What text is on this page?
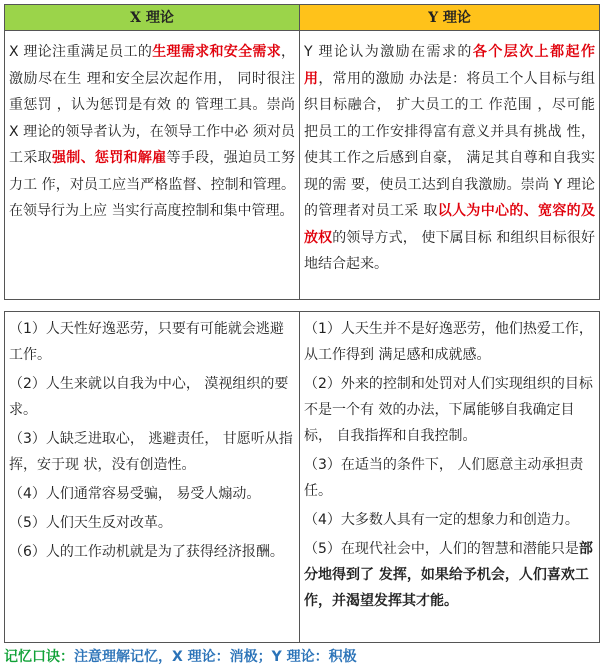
X 理论
X 理论注重满足员工的生理需求和安全需求，激励尽在生 理和安全层次起作用， 同时很注重惩罚 ，认为惩罚是有效 的 管理工具。崇尚 X 理论的领导者认为，在领导工作中必 须对员工采取强制、惩罚和解雇等手段，强迫员工努力工 作，对员工应当严格监督、控制和管理。在领导行为上应 当实行高度控制和集中管理。
Y 理论
Y 理论认为激励在需求的各个层次上都起作用，常用的激励 办法是：将员工个人目标与组织目标融合， 扩大员工的工 作范围 ，尽可能把员工的工作安排得富有意义并具有挑战 性，使其工作之后感到自豪， 满足其自尊和自我实现的需 要，使员工达到自我激励。崇尚 Y 理论的管理者对员工采 取以人为中心的、宽容的及放权的领导方式， 使下属目标 和组织目标很好地结合起来。
（1）人天性好逸恶劳，只要有可能就会逃避工作。
（2）人生来就以自我为中心， 漠视组织的要求。
（3）人缺乏进取心， 逃避责任， 甘愿听从指挥，安于现 状，没有创造性。
（4）人们通常容易受骗， 易受人煽动。
（5）人们天生反对改革。
（6）人的工作动机就是为了获得经济报酬。
（1）人天生并不是好逸恶劳，他们热爱工作，从工作得到 满足感和成就感。
（2）外来的控制和处罚对人们实现组织的目标不是一个有 效的办法，下属能够自我确定目标， 自我指挥和自我控制。
（3）在适当的条件下， 人们愿意主动承担责任。
（4）大多数人具有一定的想象力和创造力。
（5）在现代社会中，人们的智慧和潜能只是部分地得到了 发挥，如果给予机会，人们喜欢工作，并渴望发挥其才能。
记忆口诀：注意理解记忆，X 理论：消极；Y 理论：积极
